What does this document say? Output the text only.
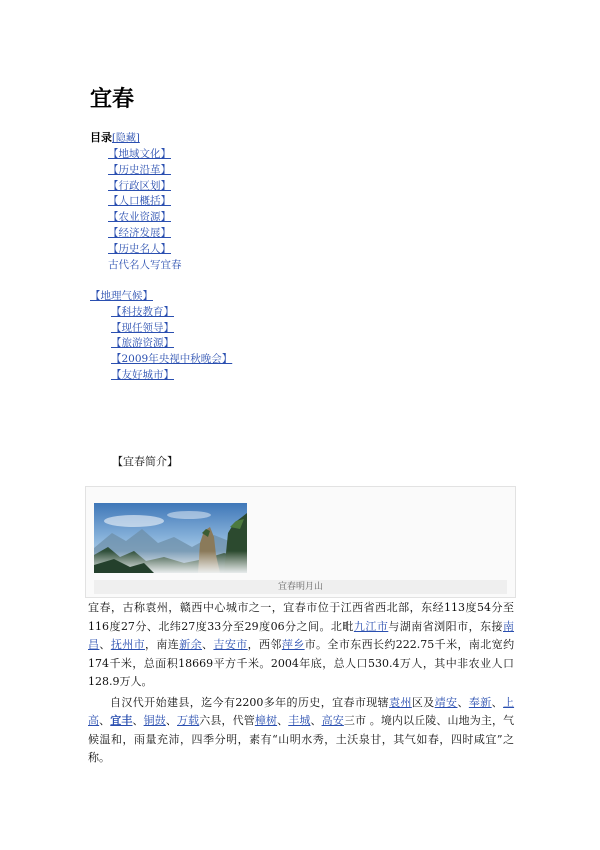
宜春
目录[隐藏]
【地域文化】
【历史沿革】
【行政区划】
【人口概括】
【农业资源】
【经济发展】
【历史名人】
古代名人写宜春
【地理气候】
【科技教育】
【现任领导】
【旅游资源】
【2009年央视中秋晚会】
【友好城市】
【宜春简介】
宜春明月山

宜春，古称袁州，赣西中心城市之一，宜春市位于江西省西北部，东经113度54分至116度27分、北纬27度33分至29度06分之间。北毗九江市与湖南省浏阳市，东接南昌、抚州市，南连新余、吉安市，西邻萍乡市。全市东西长约222.75千米，南北宽约174千米，总面积18669平方千米。2004年底，总人口530.4万人，其中非农业人口128.9万人。

自汉代开始建县，迄今有2200多年的历史，宜春市现辖袁州区及靖安、奉新、上高、宜丰、铜鼓、万载六县，代管樟树、丰城、高安三市 。境内以丘陵、山地为主，气候温和，雨量充沛，四季分明，素有“山明水秀，土沃泉甘，其气如春，四时咸宜”之称。
